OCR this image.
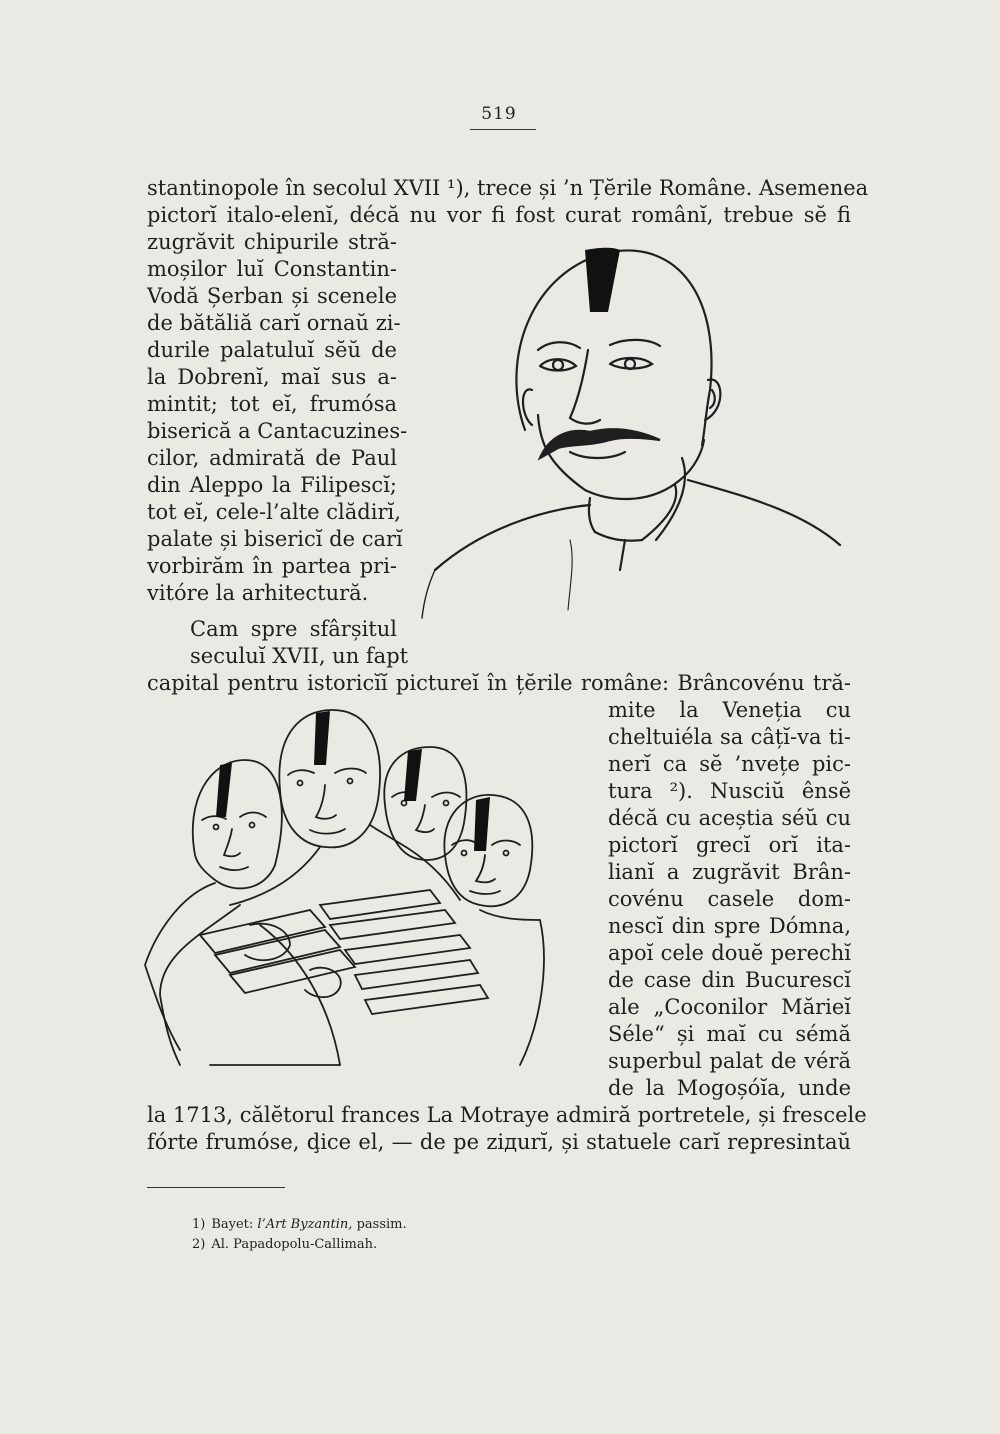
519
stantinopole în secolul XVII ¹), trece și ’n Țĕrile Române. Asemenea
pictorĭ italo-elenĭ, décă nu vor fi fost curat românĭ, trebue sĕ fi
zugrăvit chipurile stră-
moșilor luĭ Constantin-
Vodă Șerban și scenele
de bătăliă carĭ ornaŭ zi-
durile palatuluĭ sĕŭ de
la Dobrenĭ, maĭ sus a-
mintit; tot eĭ, frumósa
biserică a Cantacuzines-
cilor, admirată de Paul
din Aleppo la Filipescĭ;
tot eĭ, cele-l’alte clădirĭ,
palate și bisericĭ de carĭ
vorbirăm în partea pri-
vitóre la arhitectură.
Cam spre sfârșitul
seculuĭ XVII, un fapt
capital pentru istoricĭĭ pictureĭ în țĕrile române: Brâncovénu tră-
mite la Veneția cu
cheltuiéla sa câțĭ-va ti-
nerĭ ca sĕ ’nvețe pic-
tura ²). Nusciŭ ênsĕ
décă cu aceștia séŭ cu
pictorĭ grecĭ orĭ ita-
lianĭ a zugrăvit Brân-
covénu casele dom-
nescĭ din spre Dómna,
apoĭ cele douĕ perechĭ
de case din Bucurescĭ
ale „Coconilor Măriеĭ
Séle“ și maĭ cu sémă
superbul palat de véră
de la Mogoșóĭa, unde
la 1713, călĕtorul frances La Motraye admiră portretele, și frescele
fórte frumóse, ḑice el, — de pe ziдurĭ, și statuele carĭ represintaŭ
1) Bayet: l’Art Byzantin, passim.
2) Al. Papadopolu-Callimah.
